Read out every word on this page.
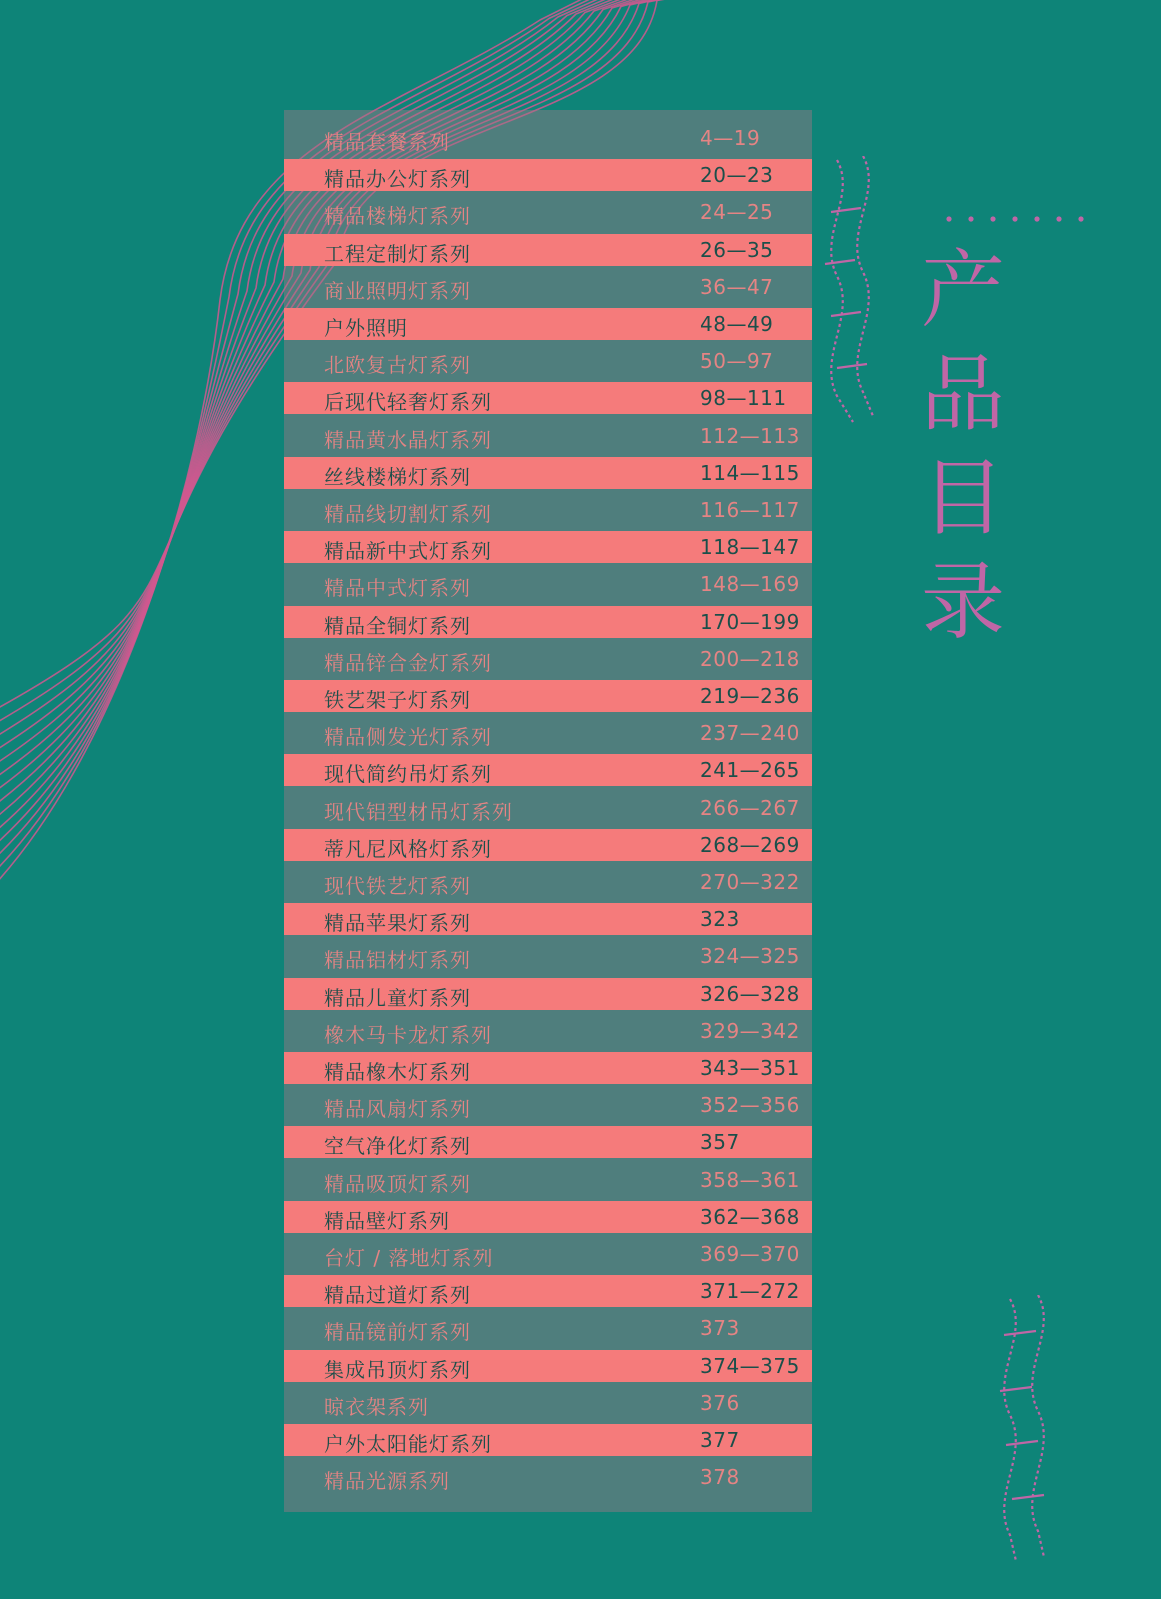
精品套餐系列	4—19
精品办公灯系列	20—23
精品楼梯灯系列	24—25
工程定制灯系列	26—35
商业照明灯系列	36—47
户外照明	48—49
北欧复古灯系列	50—97
后现代轻奢灯系列	98—111
精品黄水晶灯系列	112—113
丝线楼梯灯系列	114—115
精品线切割灯系列	116—117
精品新中式灯系列	118—147
精品中式灯系列	148—169
精品全铜灯系列	170—199
精品锌合金灯系列	200—218
铁艺架子灯系列	219—236
精品侧发光灯系列	237—240
现代简约吊灯系列	241—265
现代铝型材吊灯系列	266—267
蒂凡尼风格灯系列	268—269
现代铁艺灯系列	270—322
精品苹果灯系列	323
精品铝材灯系列	324—325
精品儿童灯系列	326—328
橡木马卡龙灯系列	329—342
精品橡木灯系列	343—351
精品风扇灯系列	352—356
空气净化灯系列	357
精品吸顶灯系列	358—361
精品壁灯系列	362—368
台灯 / 落地灯系列	369—370
精品过道灯系列	371—272
精品镜前灯系列	373
集成吊顶灯系列	374—375
晾衣架系列	376
户外太阳能灯系列	377
精品光源系列	378
产
品
目
录
